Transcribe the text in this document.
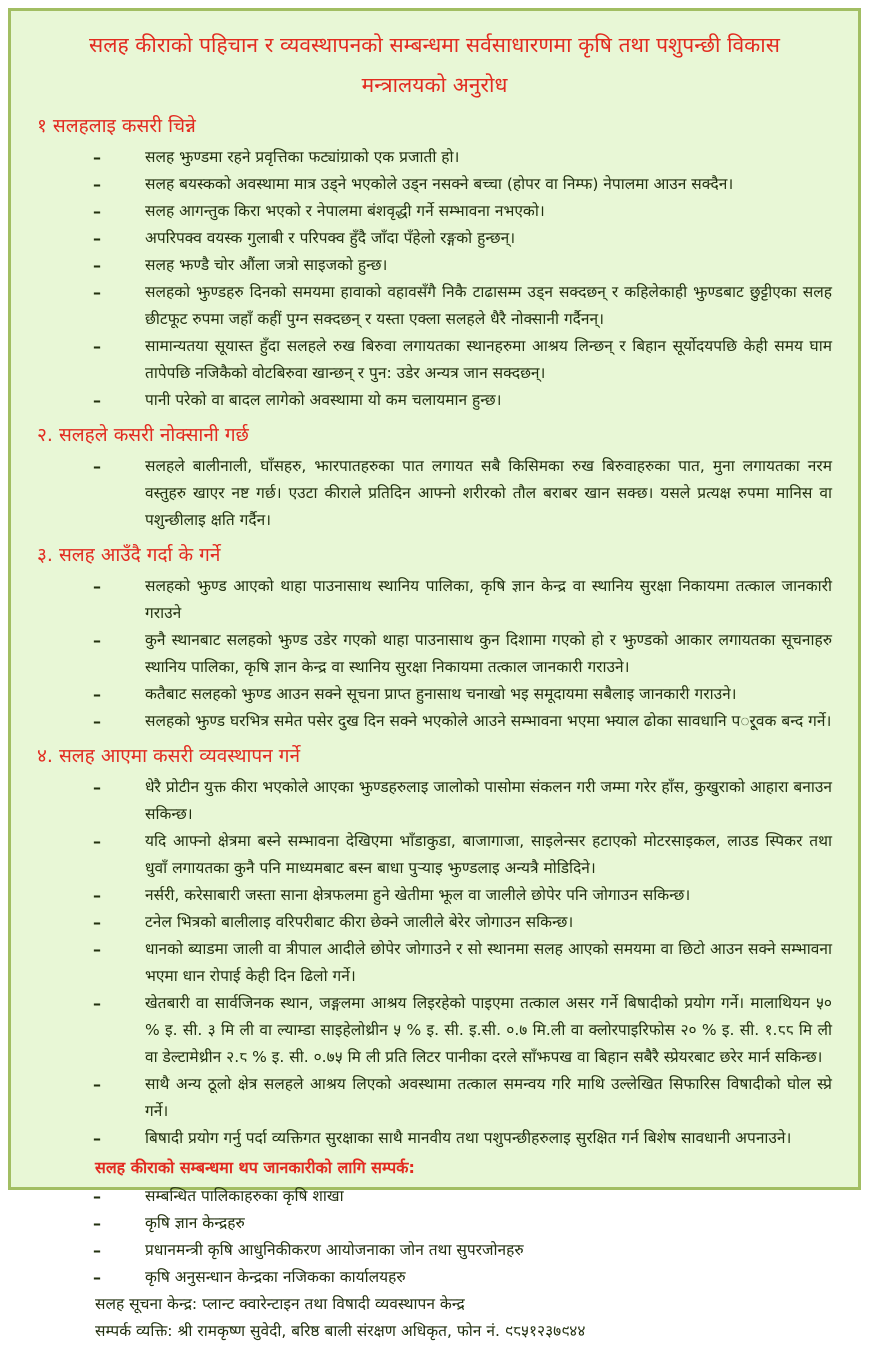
सलह कीराको पहिचान र व्यवस्थापनको सम्बन्धमा सर्वसाधारणमा कृषि तथा पशुपन्छी विकास
मन्त्रालयको अनुरोध
१ सलहलाइ कसरी चिन्ने
–	सलह झुण्डमा रहने प्रवृत्तिका फट्यांग्राको एक प्रजाती हो।
–	सलह बयस्कको अवस्थामा मात्र उड्ने भएकोले उड्न नसक्ने बच्चा (होपर वा निम्फ) नेपालमा आउन सक्दैन।
–	सलह आगन्तुक किरा भएको र नेपालमा बंशवृद्धी गर्ने सम्भावना नभएको।
–	अपरिपक्व वयस्क गुलाबी र परिपक्व हुँदै जाँदा पँहेलो रङ्गको हुन्छन्।
–	सलह झण्डै चोर औंला जत्रो साइजको हुन्छ।
–	सलहको झुण्डहरु दिनको समयमा हावाको वहावसँगै निकै टाढासम्म उड्न सक्दछन् र कहिलेकाही झुण्डबाट छुट्टीएका सलह छीटफूट रुपमा जहाँ कहीं पुग्न सक्दछन् र यस्ता एक्ला सलहले धैरै नोक्सानी गर्दैनन्।
–	सामान्यतया सूयास्त हुँदा सलहले रुख बिरुवा लगायतका स्थानहरुमा आश्रय लिन्छन् र बिहान सूर्योदयपछि केही समय घाम तापेपछि नजिकैको वोटबिरुवा खान्छन् र पुन: उडेर अन्यत्र जान सक्दछन्।
–	पानी परेको वा बादल लागेको अवस्थामा यो कम चलायमान हुन्छ।
२. सलहले कसरी नोक्सानी गर्छ
–	सलहले बालीनाली, घाँसहरु, झारपातहरुका पात लगायत सबै किसिमका रुख बिरुवाहरुका पात, मुना लगायतका नरम वस्तुहरु खाएर नष्ट गर्छ। एउटा कीराले प्रतिदिन आफ्नो शरीरको तौल बराबर खान सक्छ। यसले प्रत्यक्ष रुपमा मानिस वा पशुन्छीलाइ क्षति गर्दैन।
३. सलह आउँदै गर्दा के गर्ने
–	सलहको झुण्ड आएको थाहा पाउनासाथ स्थानिय पालिका, कृषि ज्ञान केन्द्र वा स्थानिय सुरक्षा निकायमा तत्काल जानकारी गराउने
–	कुनै स्थानबाट सलहको झुण्ड उडेर गएको थाहा पाउनासाथ कुन दिशामा गएको हो र झुण्डको आकार लगायतका सूचनाहरु स्थानिय पालिका, कृषि ज्ञान केन्द्र वा स्थानिय सुरक्षा निकायमा तत्काल जानकारी गराउने।
–	कतैबाट सलहको झुण्ड आउन सक्ने सूचना प्राप्त हुनासाथ चनाखो भइ समूदायमा सबैलाइ जानकारी गराउने।
–	सलहको झुण्ड घरभित्र समेत पसेर दुख दिन सक्ने भएकोले आउने सम्भावना भएमा झ्याल ढोका सावधानि पर्ूवक बन्द गर्ने।
४. सलह आएमा कसरी व्यवस्थापन गर्ने
–	धेरै प्रोटीन युक्त कीरा भएकोले आएका झुण्डहरुलाइ जालोको पासोमा संकलन गरी जम्मा गरेर हाँस, कुखुराको आहारा बनाउन सकिन्छ।
–	यदि आफ्नो क्षेत्रमा बस्ने सम्भावना देखिएमा भाँडाकुडा, बाजागाजा, साइलेन्सर हटाएको मोटरसाइकल, लाउड स्पिकर तथा धुवाँ लगायतका कुनै पनि माध्यमबाट बस्न बाधा पुऱ्याइ झुण्डलाइ अन्यत्रै मोडिदिने।
–	नर्सरी, करेसाबारी जस्ता साना क्षेत्रफलमा हुने खेतीमा झूल वा जालीले छोपेर पनि जोगाउन सकिन्छ।
–	टनेल भित्रको बालीलाइ वरिपरीबाट कीरा छेक्ने जालीले बेरेर जोगाउन सकिन्छ।
–	धानको ब्याडमा जाली वा त्रीपाल आदीले छोपेर जोगाउने र सो स्थानमा सलह आएको समयमा वा छिटो आउन सक्ने सम्भावना भएमा धान रोपाई केही दिन ढिलो गर्ने।
–	खेतबारी वा सार्वजिनक स्थान, जङ्गलमा आश्रय लिइरहेको पाइएमा तत्काल असर गर्ने बिषादीको प्रयोग गर्ने। मालाथियन ५० % इ. सी. ३ मि ली वा ल्याम्डा साइहेलोथ्रीन ५ % इ. सी. इ.सी. ०.७ मि.ली वा क्लोरपाइरिफोस २० % इ. सी. १.८८ मि ली वा डेल्टामेथ्रीन २.८ % इ. सी. ०.७५ मि ली प्रति लिटर पानीका दरले साँझपख वा बिहान सबैरै स्प्रेयरबाट छरेर मार्न सकिन्छ।
–	साथै अन्य ठूलो क्षेत्र सलहले आश्रय लिएको अवस्थामा तत्काल समन्वय गरि माथि उल्लेखित सिफारिस विषादीको घोल स्प्रे गर्ने।
–	बिषादी प्रयोग गर्नु पर्दा व्यक्तिगत सुरक्षाका साथै मानवीय तथा पशुपन्छीहरुलाइ सुरक्षित गर्न बिशेष सावधानी अपनाउने।
सलह कीराको सम्बन्धमा थप जानकारीको लागि सम्पर्क:
–	सम्बन्धित पालिकाहरुका कृषि शाखा
–	कृषि ज्ञान केन्द्रहरु
–	प्रधानमन्त्री कृषि आधुनिकीकरण आयोजनाका जोन तथा सुपरजोनहरु
–	कृषि अनुसन्धान केन्द्रका नजिकका कार्यालयहरु

सलह सूचना केन्द्र: प्लान्ट क्वारेन्टाइन तथा विषादी व्यवस्थापन केन्द्र

सम्पर्क व्यक्ति: श्री रामकृष्ण सुवेदी, बरिष्ठ बाली संरक्षण अधिकृत, फोन नं. ९८५१२३७९४४
